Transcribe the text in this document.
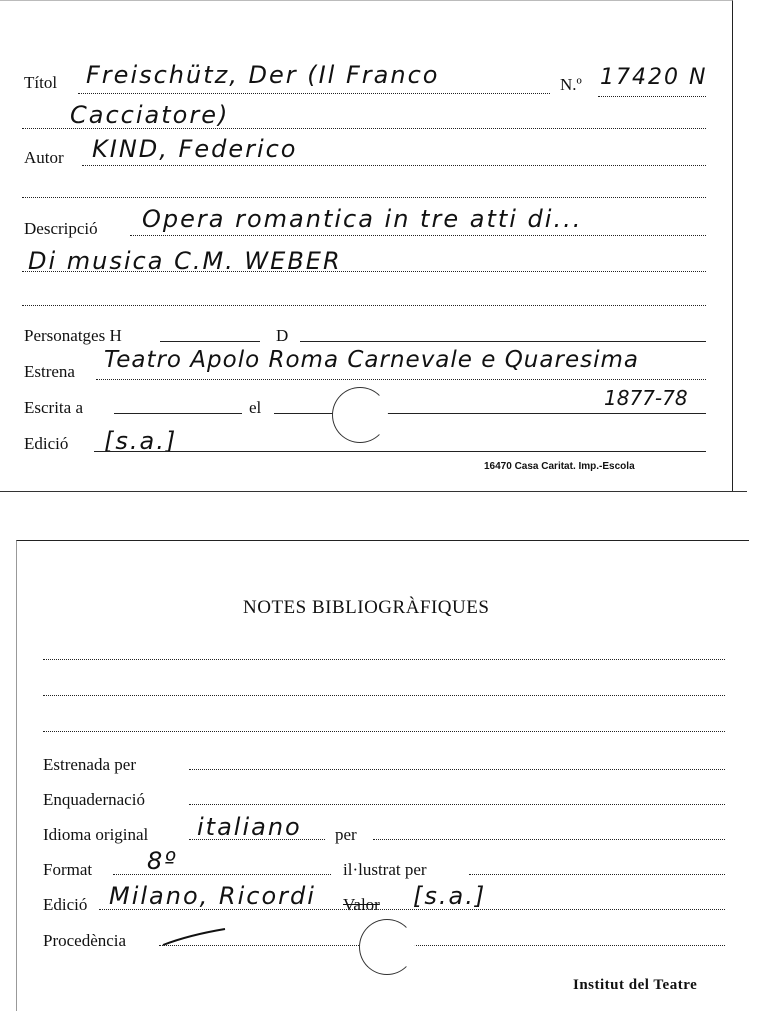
Títol Freischütz, Der (Il Franco	N.º 17420 N
Cacciatore)
Autor KIND, Federico
Descripció Opera romantica in tre atti di...
Di musica C.M. WEBER
Personatges H	D
Estrena Teatro Apolo Roma Carnevale e Quaresima
Escrita a	el	1877-78
Edició [s.a.]
16470 Casa Caritat. Imp.-Escola
NOTES BIBLIOGRÀFIQUES
Estrenada per
Enquadernació
Idioma original italiano per
Format 8º	il·lustrat per
Edició Milano, Ricordi Valor [s.a.]
Procedència
Institut del Teatre
